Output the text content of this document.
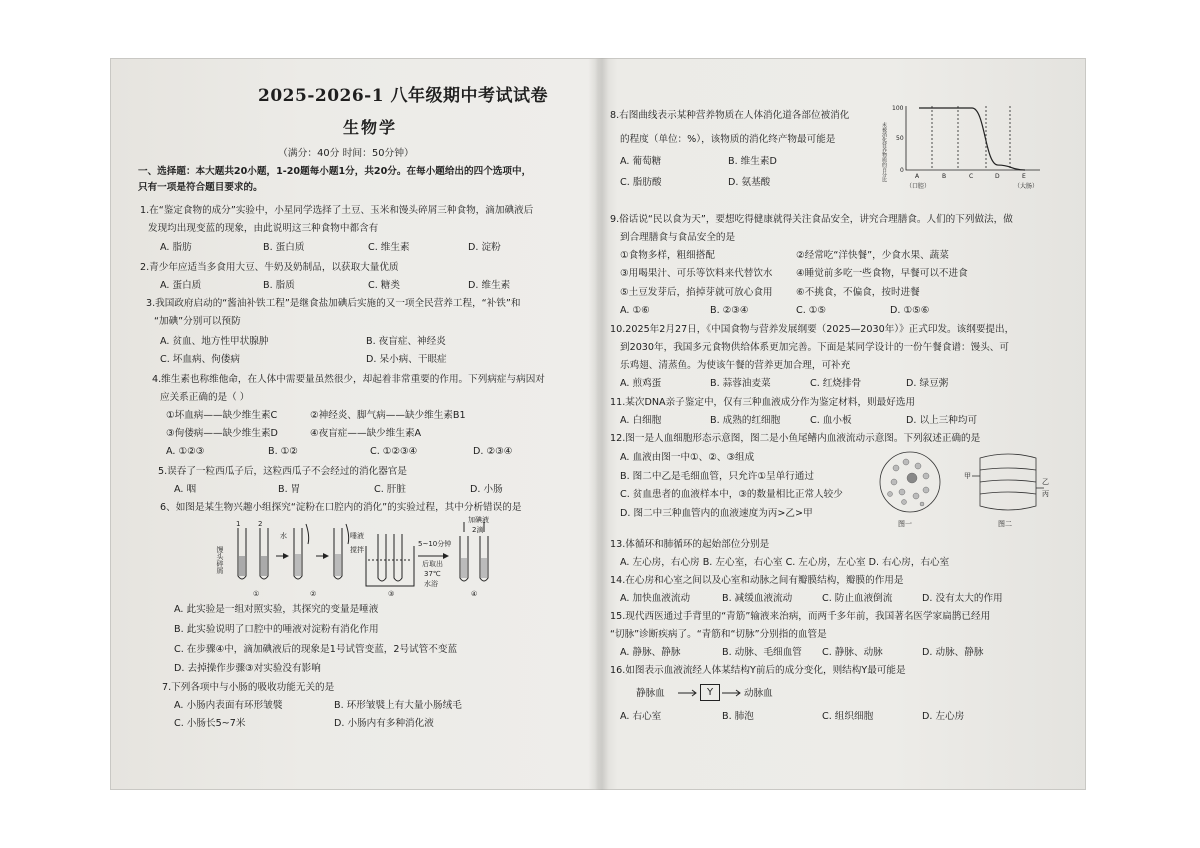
2025-2026-1 八年级期中考试试卷
生物学
（满分：40分 时间：50分钟）
一、选择题：本大题共20小题，1-20题每小题1分，共20分。在每小题给出的四个选项中，
只有一项是符合题目要求的。
1.在“鉴定食物的成分”实验中，小星同学选择了土豆、玉米和馒头碎屑三种食物，滴加碘液后
发现均出现变蓝的现象，由此说明这三种食物中都含有
A. 脂肪	B. 蛋白质	C. 维生素	D. 淀粉
2.青少年应适当多食用大豆、牛奶及奶制品，以获取大量优质
A. 蛋白质	B. 脂质	C. 糖类	D. 维生素
3.我国政府启动的“酱油补铁工程”是继食盐加碘后实施的又一项全民营养工程，“补铁”和
“加碘”分别可以预防
A. 贫血、地方性甲状腺肿	B. 夜盲症、神经炎
C. 坏血病、佝偻病	D. 呆小病、干眼症
4.维生素也称维他命，在人体中需要量虽然很少，却起着非常重要的作用。下列病症与病因对
应关系正确的是（ ）
①坏血病——缺少维生素C	②神经炎、脚气病——缺少维生素B1
③佝偻病——缺少维生素D	④夜盲症——缺少维生素A
A. ①②③	B. ①②	C. ①②③④	D. ②③④
5.误吞了一粒西瓜子后，这粒西瓜子不会经过的消化器官是
A. 咽	B. 胃	C. 肝脏	D. 小肠
6、如图是某生物兴趣小组探究“淀粉在口腔内的消化”的实验过程，其中分析错误的是
1	2
馒头碎屑
水	唾液
搅拌
5~10分钟
后取出
37℃
水浴
加碘液
2滴
①	②	③	④
A. 此实验是一组对照实验，其探究的变量是唾液
B. 此实验说明了口腔中的唾液对淀粉有消化作用
C. 在步骤④中，滴加碘液后的现象是1号试管变蓝，2号试管不变蓝
D. 去掉操作步骤③对实验没有影响
7.下列各项中与小肠的吸收功能无关的是
A. 小肠内表面有环形皱襞	B. 环形皱襞上有大量小肠绒毛
C. 小肠长5~7米	D. 小肠内有多种消化液
8.右图曲线表示某种营养物质在人体消化道各部位被消化
的程度（单位：%），该物质的消化终产物最可能是
A. 葡萄糖	B. 维生素D
C. 脂肪酸	D. 氨基酸
未被消化营养物质的百分比
100
50
0
A	B	C	D	E
（口腔）	（大肠）
9.俗话说“民以食为天”，要想吃得健康就得关注食品安全，讲究合理膳食。人们的下列做法，做
到合理膳食与食品安全的是
①食物多样，粗细搭配	②经常吃“洋快餐”，少食水果、蔬菜
③用喝果汁、可乐等饮料来代替饮水 ④睡觉前多吃一些食物，早餐可以不进食
⑤土豆发芽后，掐掉芽就可放心食用 ⑥不挑食，不偏食，按时进餐
A. ①⑥	B. ②③④	C. ①⑤	D. ①⑤⑥
10.2025年2月27日，《中国食物与营养发展纲要（2025—2030年）》正式印发。该纲要提出，
到2030年，我国多元食物供给体系更加完善。下面是某同学设计的一份午餐食谱：馒头、可
乐鸡翅、清蒸鱼。为使该午餐的营养更加合理，可补充
A. 煎鸡蛋	B. 蒜蓉油麦菜	C. 红烧排骨	D. 绿豆粥
11.某次DNA亲子鉴定中，仅有三种血液成分作为鉴定材料，则最好选用
A. 白细胞	B. 成熟的红细胞	C. 血小板	D. 以上三种均可
12.图一是人血细胞形态示意图，图二是小鱼尾鳍内血液流动示意图。下列叙述正确的是
A. 血液由图一中①、②、③组成
B. 图二中乙是毛细血管，只允许①呈单行通过
C. 贫血患者的血液样本中，③的数量相比正常人较少
D. 图二中三种血管内的血液速度为丙>乙>甲
甲
乙
丙
图一	图二
13.体循环和肺循环的起始部位分别是
A. 左心房，右心房 B. 左心室，右心室 C. 左心房，左心室 D. 右心房，右心室
14.在心房和心室之间以及心室和动脉之间有瓣膜结构，瓣膜的作用是
A. 加快血液流动	B. 减缓血液流动	C. 防止血液倒流	D. 没有太大的作用
15.现代西医通过手背里的“青筋”输液来治病，而两千多年前，我国著名医学家扁鹊已经用
“切脉”诊断疾病了。“青筋和“切脉”分别指的血管是
A. 静脉、静脉	B. 动脉、毛细血管 C. 静脉、动脉	D. 动脉、静脉
16.如图表示血液流经人体某结构Y前后的成分变化，则结构Y最可能是
静脉血	Y	动脉血
A. 右心室	B. 肺泡	C. 组织细胞	D. 左心房
